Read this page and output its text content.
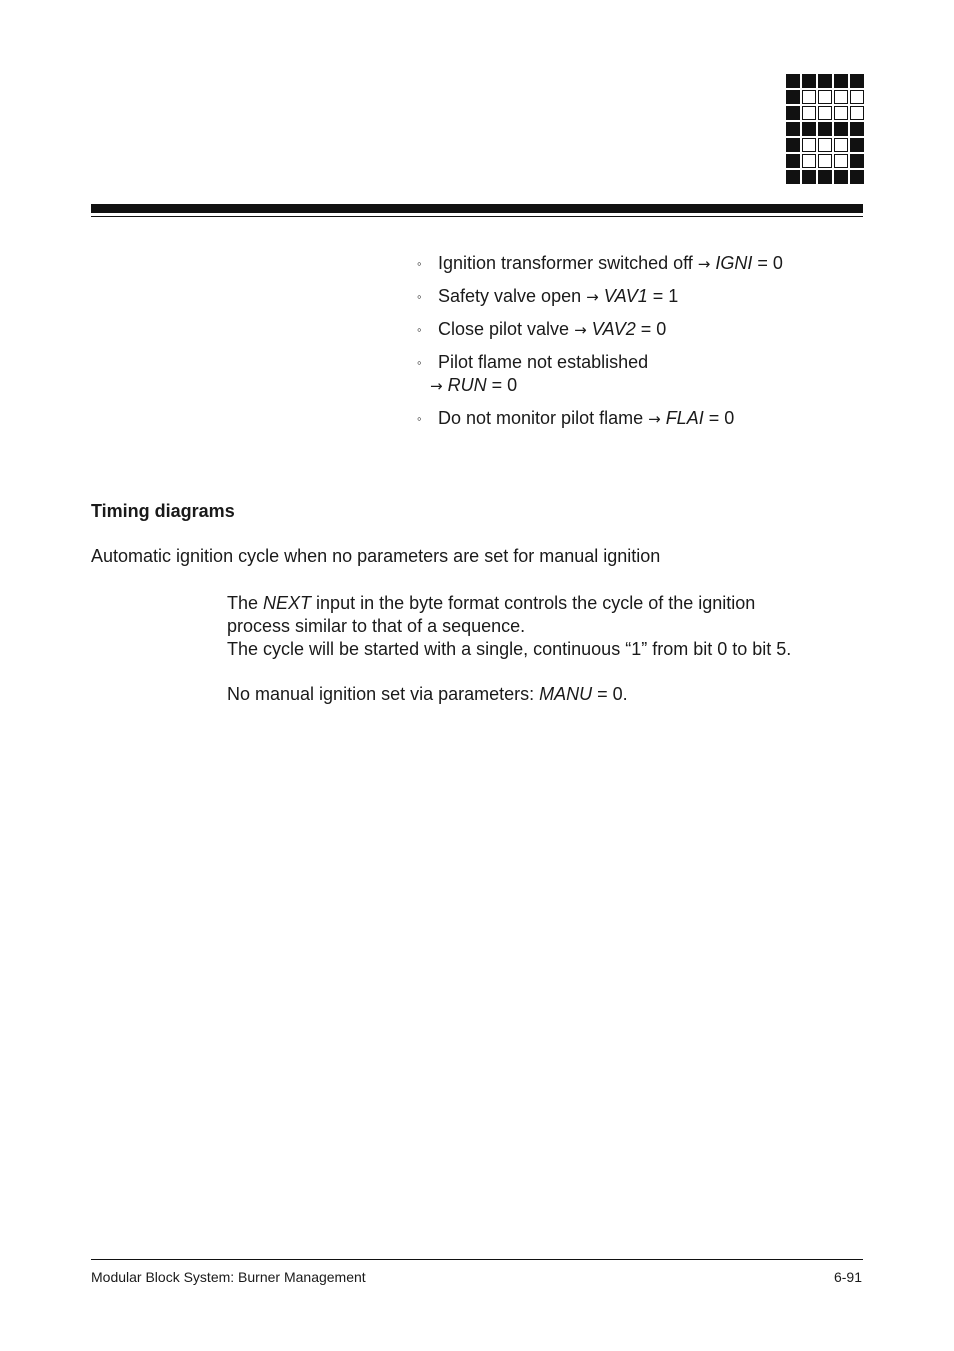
◦ Ignition transformer switched off → IGNI = 0
◦ Safety valve open → VAV1 = 1
◦ Close pilot valve → VAV2 = 0
◦ Pilot flame not established
→ RUN = 0
◦ Do not monitor pilot flame → FLAI = 0
Timing diagrams
Automatic ignition cycle when no parameters are set for manual ignition
The NEXT input in the byte format controls the cycle of the ignition
process similar to that of a sequence.
The cycle will be started with a single, continuous “1” from bit 0 to bit 5.
No manual ignition set via parameters: MANU = 0.
Modular Block System: Burner Management	6-91
